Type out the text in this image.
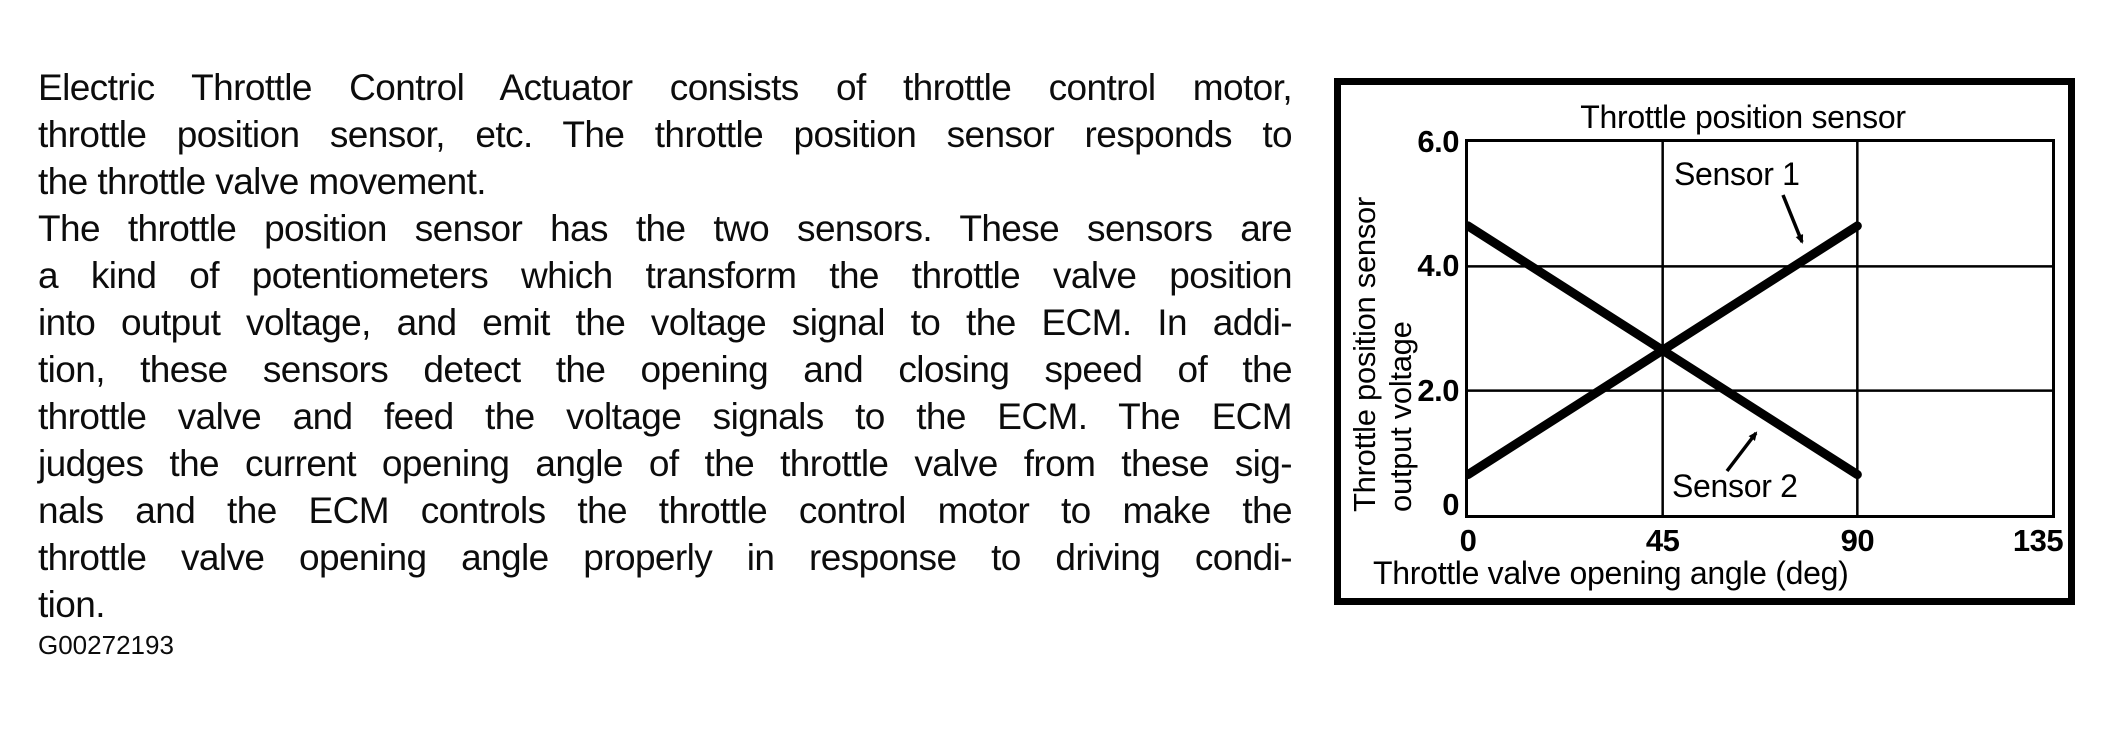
Electric Throttle Control Actuator consists of throttle control motor,
throttle position sensor, etc. The throttle position sensor responds to
the throttle valve movement.
The throttle position sensor has the two sensors. These sensors are
a kind of potentiometers which transform the throttle valve position
into output voltage, and emit the voltage signal to the ECM. In addi-
tion, these sensors detect the opening and closing speed of the
throttle valve and feed the voltage signals to the ECM. The ECM
judges the current opening angle of the throttle valve from these sig-
nals and the ECM controls the throttle control motor to make the
throttle valve opening angle properly in response to driving condi-
tion.
G00272193
Throttle position sensor
Throttle position sensor output voltage
6.0
4.0
2.0
0
Sensor 1
Sensor 2
0	45	90	135
Throttle valve opening angle (deg)
